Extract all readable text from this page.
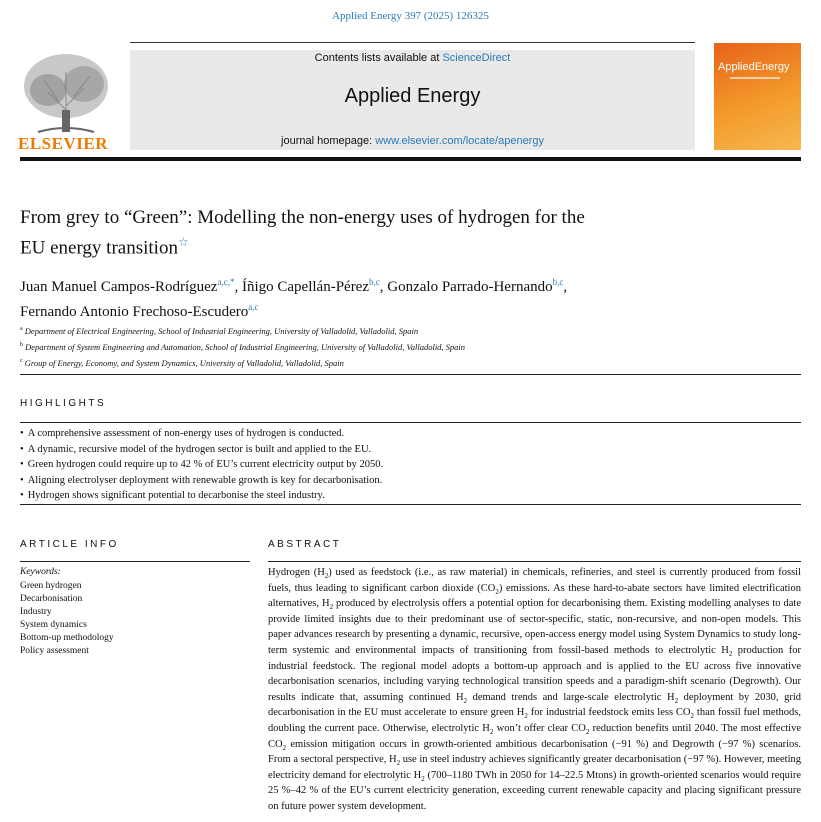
Applied Energy 397 (2025) 126325
ELSEVIER
Contents lists available at ScienceDirect
Applied Energy
journal homepage: www.elsevier.com/locate/apenergy
AppliedEnergy
From grey to “Green”: Modelling the non-energy uses of hydrogen for the
EU energy transition☆
Juan Manuel Campos-Rodríguez$^{a,c,*}$, Íñigo Capellán-Pérez$^{b,c}$, Gonzalo Parrado-Hernando$^{b,c}$,
Fernando Antonio Frechoso-Escudero$^{a,c}$
$^a$ Department of Electrical Engineering, School of Industrial Engineering, University of Valladolid, Valladolid, Spain
$^b$ Department of System Engineering and Automation, School of Industrial Engineering, University of Valladolid, Valladolid, Spain
$^c$ Group of Energy, Economy, and System Dynamics, University of Valladolid, Valladolid, Spain
HIGHLIGHTS
• A comprehensive assessment of non-energy uses of hydrogen is conducted.
• A dynamic, recursive model of the hydrogen sector is built and applied to the EU.
• Green hydrogen could require up to 42 % of EU’s current electricity output by 2050.
• Aligning electrolyser deployment with renewable growth is key for decarbonisation.
• Hydrogen shows significant potential to decarbonise the steel industry.
ARTICLE INFO
Keywords:
Green hydrogen
Decarbonisation
Industry
System dynamics
Bottom-up methodology
Policy assessment
ABSTRACT
Hydrogen $(H_2)$ used as feedstock (i.e., as raw material) in chemicals, refineries, and steel is currently produced from fossil fuels, thus leading to significant carbon dioxide $(CO_2)$ emissions. As these hard-to-abate sectors have limited electrification alternatives, $H_2$ produced by electrolysis offers a potential option for decarbonising them. Existing modelling analyses to date provide limited insights due to their predominant use of sector-specific, static, non-recursive, and non-open models. This paper advances research by presenting a dynamic, recursive, open-access energy model using System Dynamics to study long-term systemic and environmental impacts of transitioning from fossil-based methods to electrolytic $H_2$ production for industrial feedstock. The regional model adopts a bottom-up approach and is applied to the EU across five innovative decarbonisation scenarios, including varying technological transition speeds and a paradigm-shift scenario (Degrowth). Our results indicate that, assuming continued $H_2$ demand trends and large-scale electrolytic $H_2$ deployment by 2030, grid decarbonisation in the EU must accelerate to ensure green $H_2$ for industrial feedstock emits less $CO_2$ than fossil fuel methods, doubling the current pace. Otherwise, electrolytic $H_2$ won’t offer clear $CO_2$ reduction benefits until 2040. The most effective $CO_2$ emission mitigation occurs in growth-oriented ambitious decarbonisation (−91 %) and Degrowth (−97 %) scenarios. From a sectoral perspective, $H_2$ use in steel industry achieves significantly greater decarbonisation (−97 %). However, meeting electricity demand for electrolytic $H_2$ (700–1180 TWh in 2050 for 14–22.5 Mtons) in growth-oriented scenarios would require 25 %–42 % of the EU’s current electricity generation, exceeding current renewable capacity and placing significant pressure on future power system development.
